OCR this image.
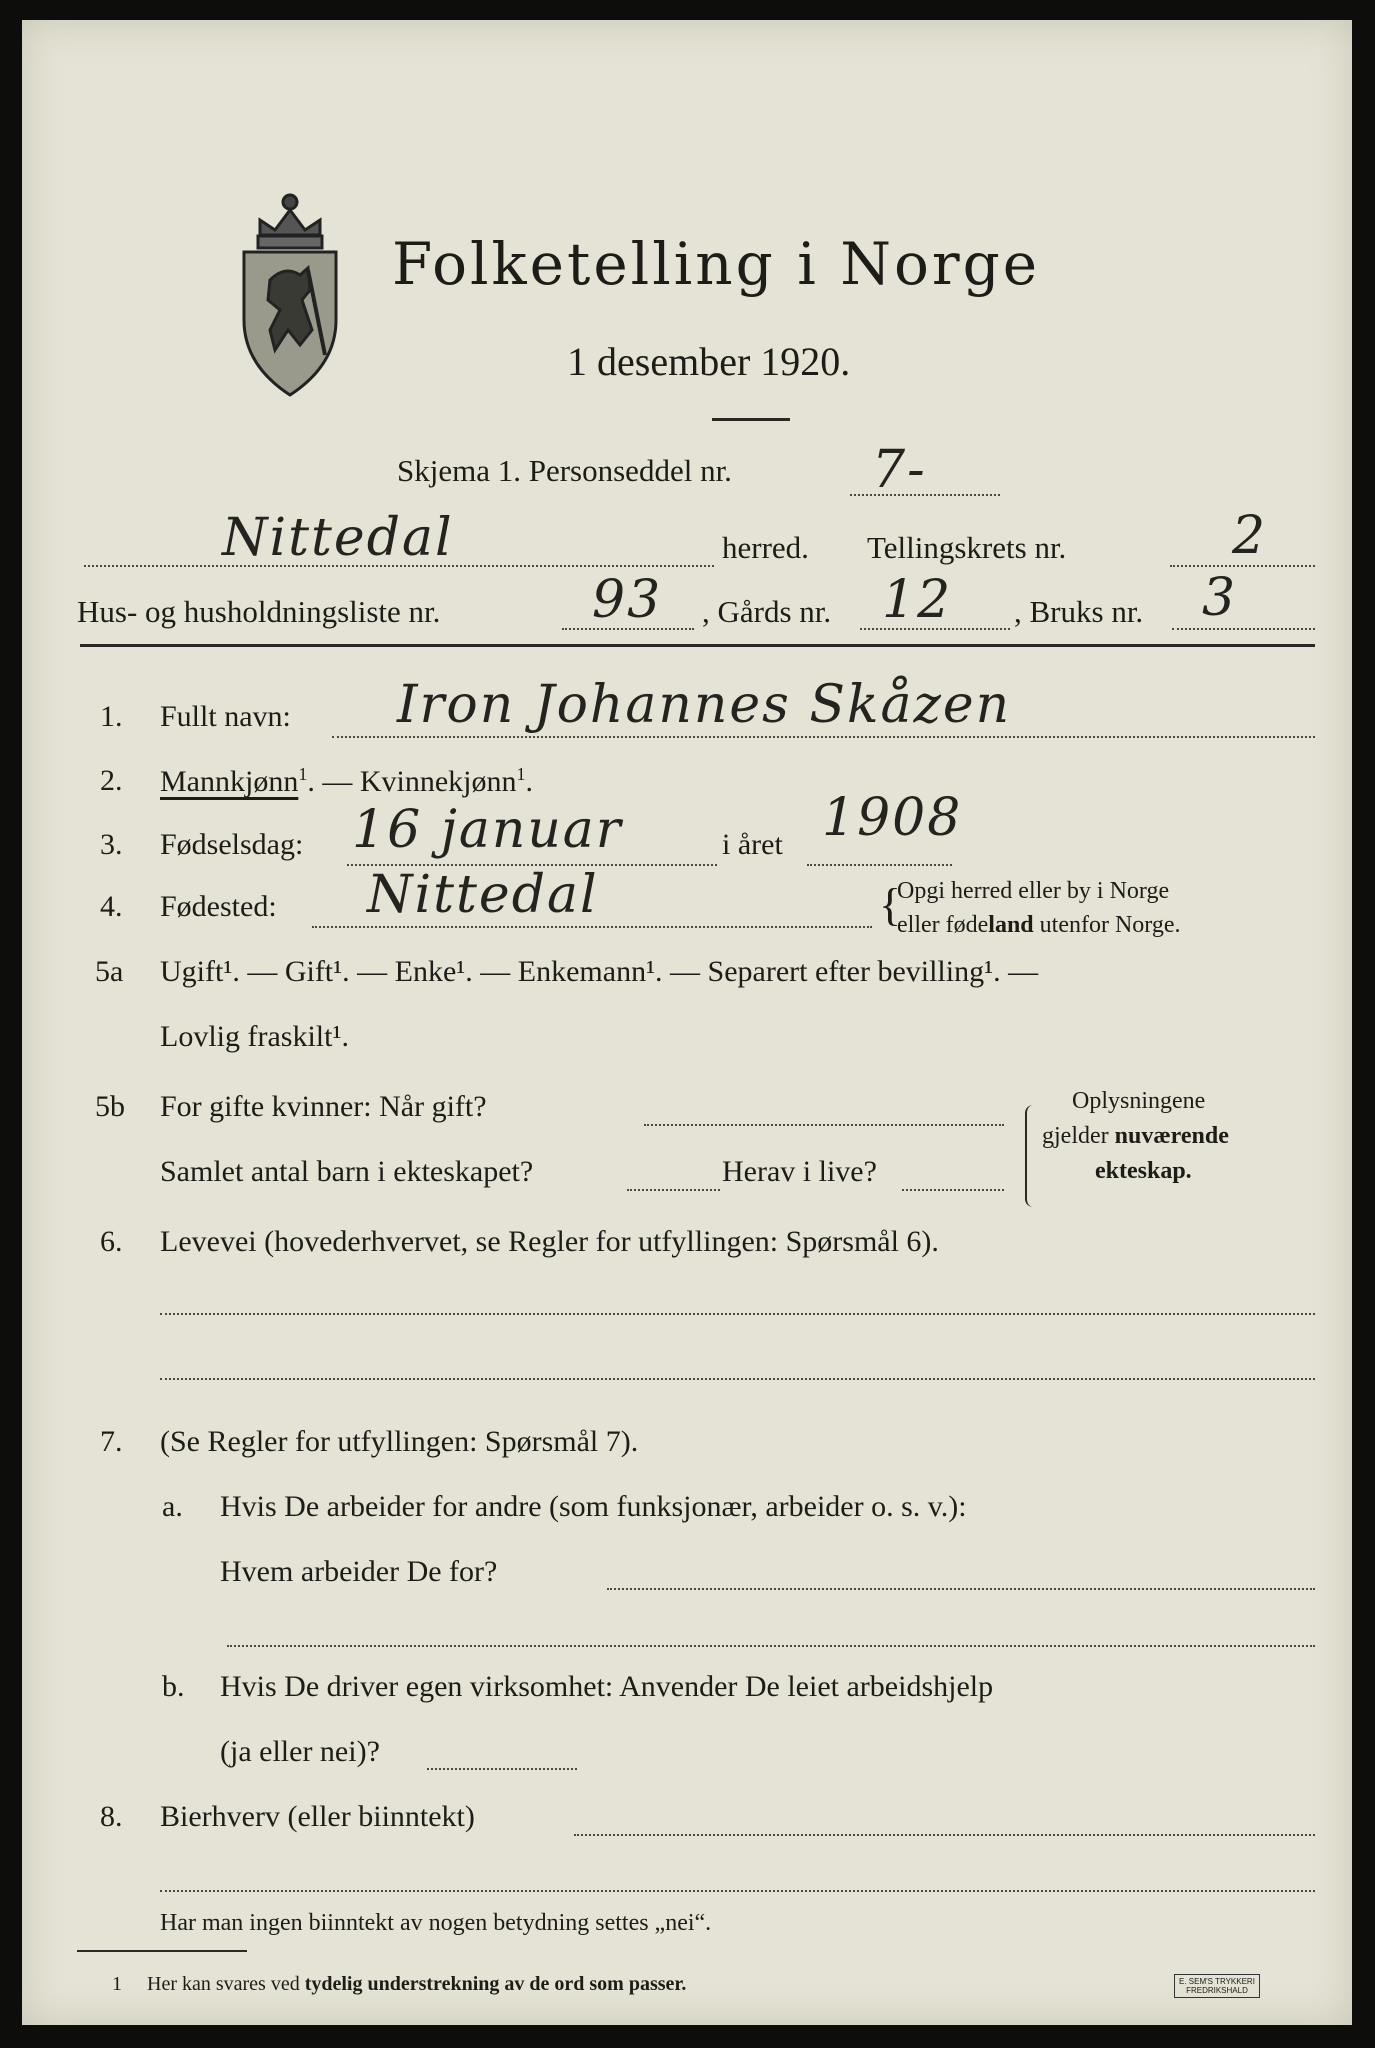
Folketelling i Norge
1 desember 1920.
Skjema 1. Personseddel nr.	7-
Nittedal	herred. Tellingskrets nr.	2
Hus- og husholdningsliste nr.	93 , Gårds nr. 12 , Bruks nr. 3
1. Fullt navn: Iron Johannes Skåzen
2. Mannkjønn$^1$. — Kvinnekjønn$^1$.
3. Fødselsdag: 16 januar	i året 1908
4. Fødested: Nittedal	{
Opgi herred eller by i Norge
eller fødeland utenfor Norge.
5a Ugift¹. — Gift¹. — Enke¹. — Enkemann¹. — Separert efter bevilling¹. —
Lovlig fraskilt¹.
5b For gifte kvinner: Når gift?
Samlet antal barn i ekteskapet?	Herav i live?
Oplysningene
gjelder nuværende
ekteskap.
6. Levevei (hovederhvervet, se Regler for utfyllingen: Spørsmål 6).
7. (Se Regler for utfyllingen: Spørsmål 7).
a. Hvis De arbeider for andre (som funksjonær, arbeider o. s. v.):
Hvem arbeider De for?
b. Hvis De driver egen virksomhet: Anvender De leiet arbeidshjelp
(ja eller nei)?
8. Bierhverv (eller biinntekt)
Har man ingen biinntekt av nogen betydning settes „nei“.
1 Her kan svares ved tydelig understrekning av de ord som passer.	E. SEM'S TRYKKERI
FREDRIKSHALD
